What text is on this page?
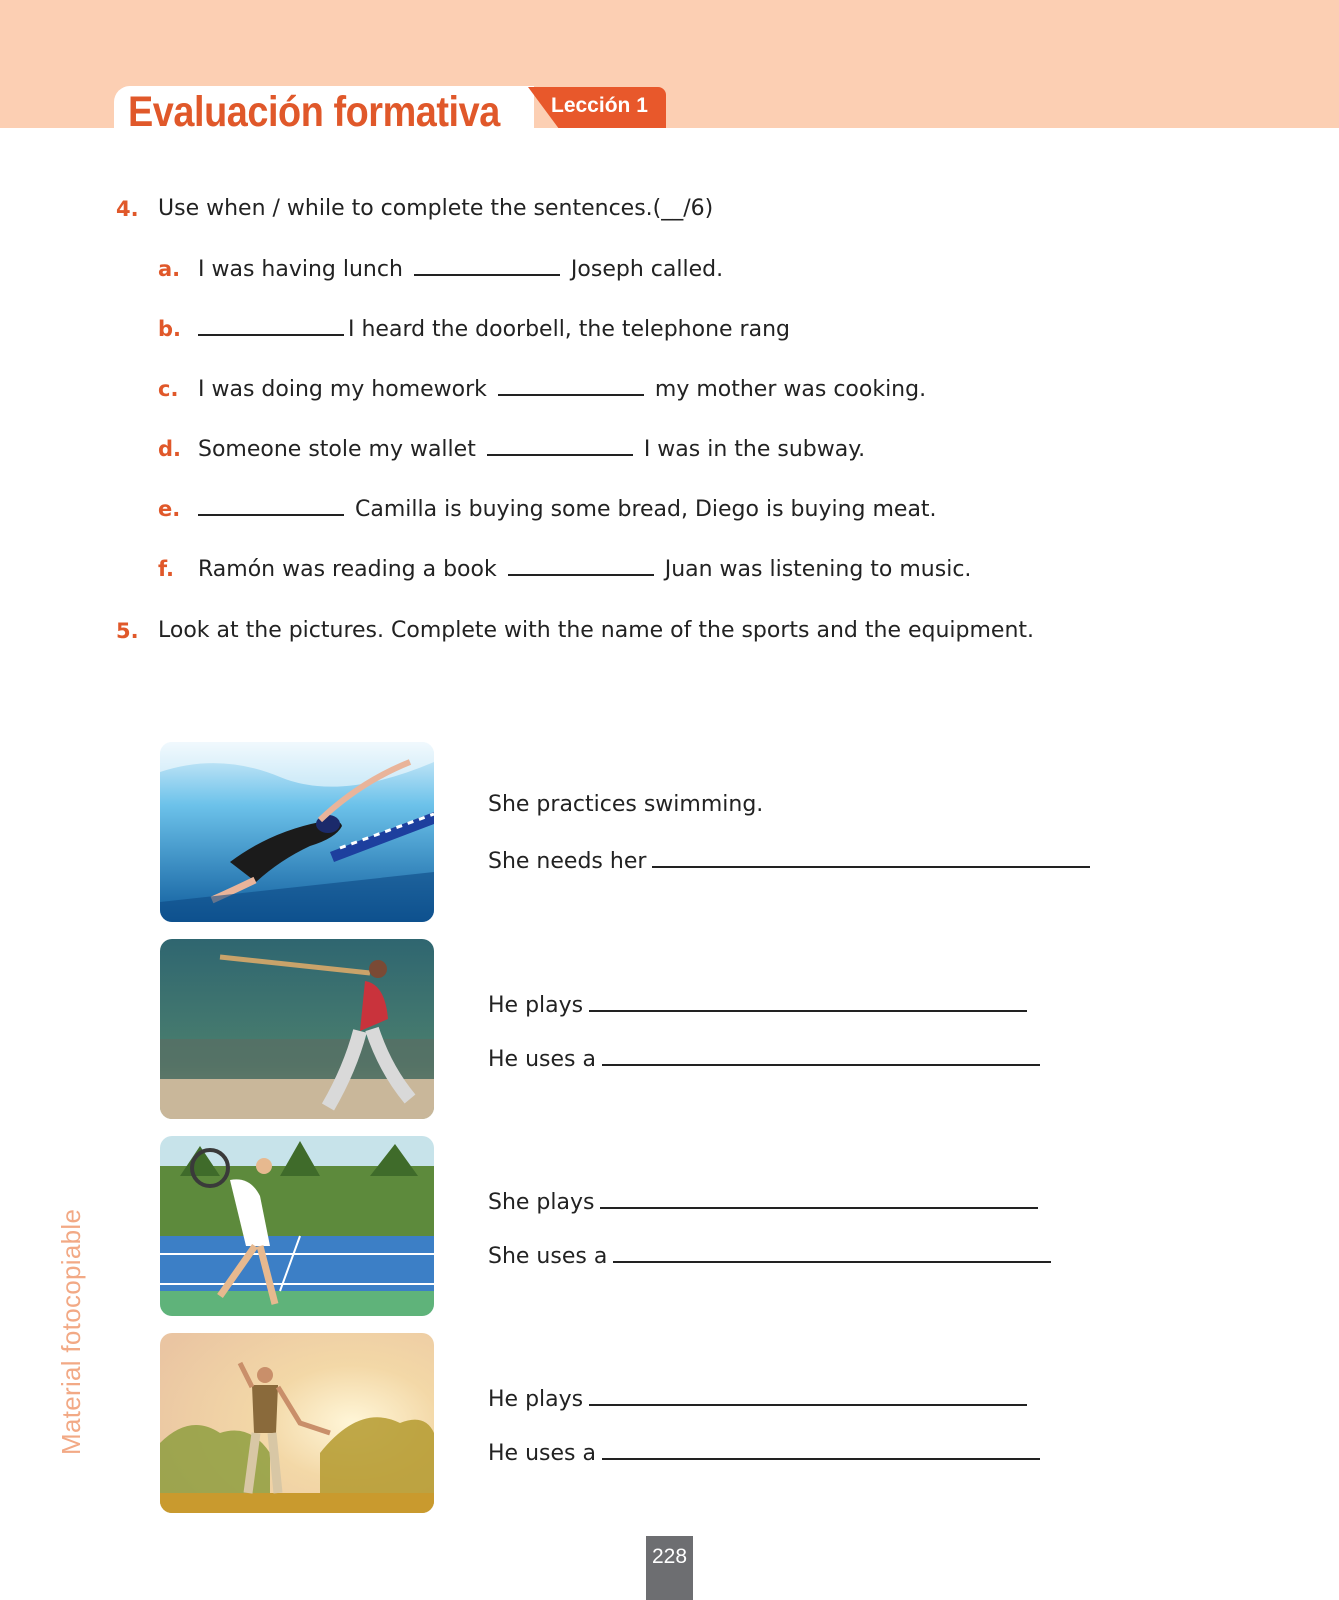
Evaluación formativa Lección 1
4. Use when / while to complete the sentences.(__/6)
a. I was having lunch	Joseph called.
b.	I heard the doorbell, the telephone rang
c. I was doing my homework	my mother was cooking.
d. Someone stole my wallet	I was in the subway.
e.	Camilla is buying some bread, Diego is buying meat.
f. Ramón was reading a book	Juan was listening to music.
5. Look at the pictures. Complete with the name of the sports and the equipment.
She practices swimming.
She needs her
He plays
He uses a
She plays
She uses a
He plays
He uses a
Material fotocopiable
228
